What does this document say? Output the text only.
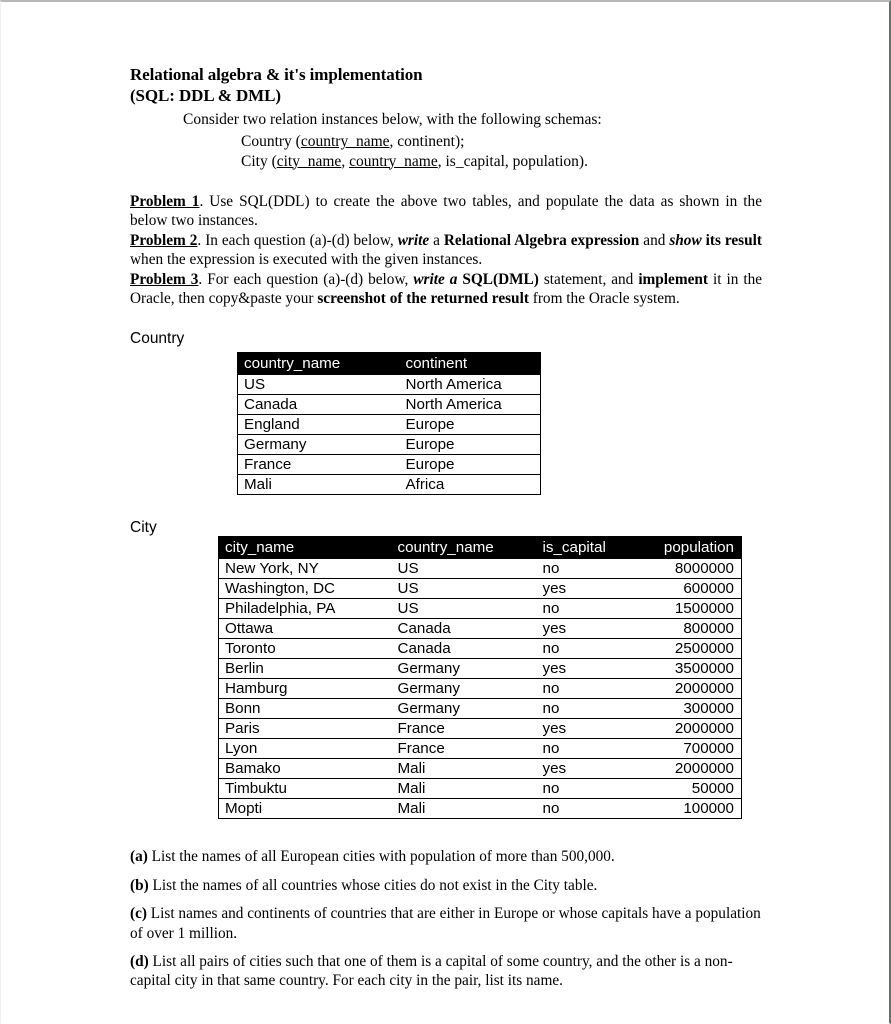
Relational algebra & it's implementation
(SQL: DDL & DML)
Consider two relation instances below, with the following schemas:
Country (country_name, continent);
City (city_name, country_name, is_capital, population).
Problem 1. Use SQL(DDL) to create the above two tables, and populate the data as shown in the below two instances.
Problem 2. In each question (a)-(d) below, write a Relational Algebra expression and show its result when the expression is executed with the given instances.
Problem 3. For each question (a)-(d) below, write a SQL(DML) statement, and implement it in the Oracle, then copy&paste your screenshot of the returned result from the Oracle system.
Country
country_name	continent
US	North America
Canada	North America
England	Europe
Germany	Europe
France	Europe
Mali	Africa
City
city_name	country_name	is_capital	population
New York, NY	US	no	8000000
Washington, DC	US	yes	600000
Philadelphia, PA	US	no	1500000
Ottawa	Canada	yes	800000
Toronto	Canada	no	2500000
Berlin	Germany	yes	3500000
Hamburg	Germany	no	2000000
Bonn	Germany	no	300000
Paris	France	yes	2000000
Lyon	France	no	700000
Bamako	Mali	yes	2000000
Timbuktu	Mali	no	50000
Mopti	Mali	no	100000
(a) List the names of all European cities with population of more than 500,000.
(b) List the names of all countries whose cities do not exist in the City table.
(c) List names and continents of countries that are either in Europe or whose capitals have a population of over 1 million.
(d) List all pairs of cities such that one of them is a capital of some country, and the other is a non-capital city in that same country. For each city in the pair, list its name.
